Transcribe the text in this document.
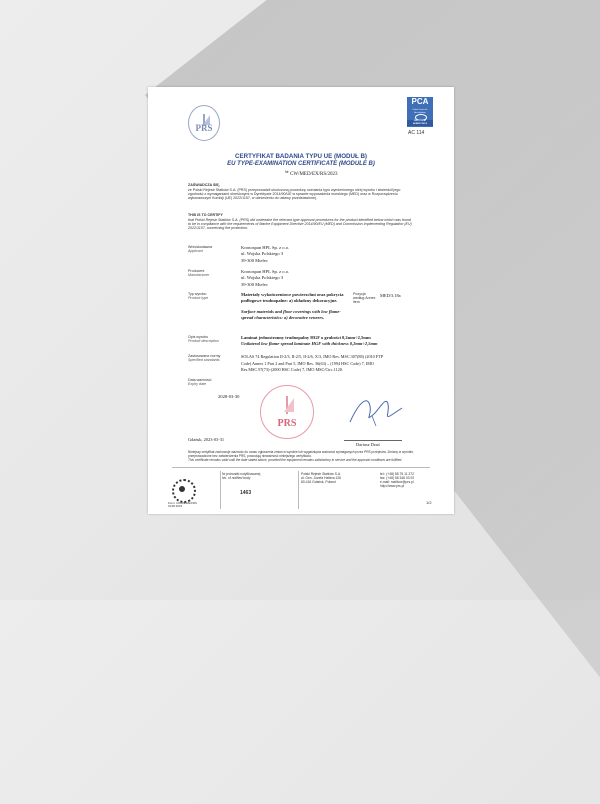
PRS
PCA
Polish Centre for Accreditation
CERTYFIKAT AKREDYTACJI
AC 114
CERTYFIKAT BADANIA TYPU UE (MODUŁ B)
EU TYPE-EXAMINATION CERTIFICATE (MODULE B)
Nr CW/MED/EX/RS/2023
ZAŚWIADCZA SIĘ,
że Polski Rejestr Statków S.A. (PRS) przeprowadził ukończoną procedurę oceniania typu wymienionego niżej wyrobu i stwierdził jego zgodność z wymaganiami określonymi w Dyrektywie 2014/90/UE w sprawie wyposażenia morskiego (MED) oraz w Rozporządzeniu wykonawczym Komisji (UE) 2022/1157, w odniesieniu do ustawy przedstawionej.
THIS IS TO CERTIFY
that Polski Rejestr Statków S.A. (PRS) did undertake the relevant type approval procedures for the product identified below which was found to be in compliance with the requirements of Marine Equipment Directive 2014/90/EU (MED) and Commission Implementing Regulation (EU) 2022/1157, concerning fire protection.
Wnioskodawca
Applicant
Kronospan HPL Sp. z o.o.
ul. Wojska Polskiego 3
39-300 Mielec
Producent
Manufacturer
Kronospan HPL Sp. z o.o.
ul. Wojska Polskiego 3
39-300 Mielec
Typ wyrobu
Product type
Materiały wykończeniowe powierzchni oraz pokrycia podłogowe trudnopalne: a) okładzny dekoracyjne.
Surface materials and floor coverings with low flame-spread characteristics: a) decorative veneers.
Pozycja według Annex item
MED/3.18a
Opis wyrobu
Product description
Laminat jednostronny trudnopalny HGF o grubości 0,2mm÷2,5mm
Unilateral low flame-spread laminate HGF with thickness 0,2mm÷2,5mm
Zastosowane normy
Specified standards
SOLAS 74 Regulation II-2/3, II-2/5, II-2/6, X/3, IMO Res. MSC.307(88) (2010 FTP
Code) Annex 1 Part 2 and Part 5, IMO Res. 36(63) – (1994 HSC Code) 7, IMO
Res.MSC.97(73)-(2000 HSC Code) 7, IMO MSC/Circ.1120.
Data ważności
Expiry date
2028-03-30
PRS
Gdańsk, 2023-03-31
Dariusz Dzuś
Niniejszy certyfikat zachowuje ważność do czasu zgłoszenia zmian w wyrobie lub wygaśnięcia ważności wymaganych przez PRS przepisów. Zmiany w wyrobie, przeprowadzone bez zatwierdzenia PRS, powodują nieważność niniejszego certyfikatu.
This certificate remains valid until the date stated above, provided the equipment remains satisfactory in service and the approval conditions are fulfilled.
Form: CW/MED/EX/RS
01/06.2023
Nr jednostki notyfikowanej
No. of notified body
1463
Polski Rejestr Statków S.A.
al. Gen. Józefa Hallera 126
80-416 Gdańsk, Poland
tel.: (+48) 58 75 11 272
fax: (+48) 58 346 03 92
e-mail: mailbox@prs.pl
http://www.prs.pl
1/2
